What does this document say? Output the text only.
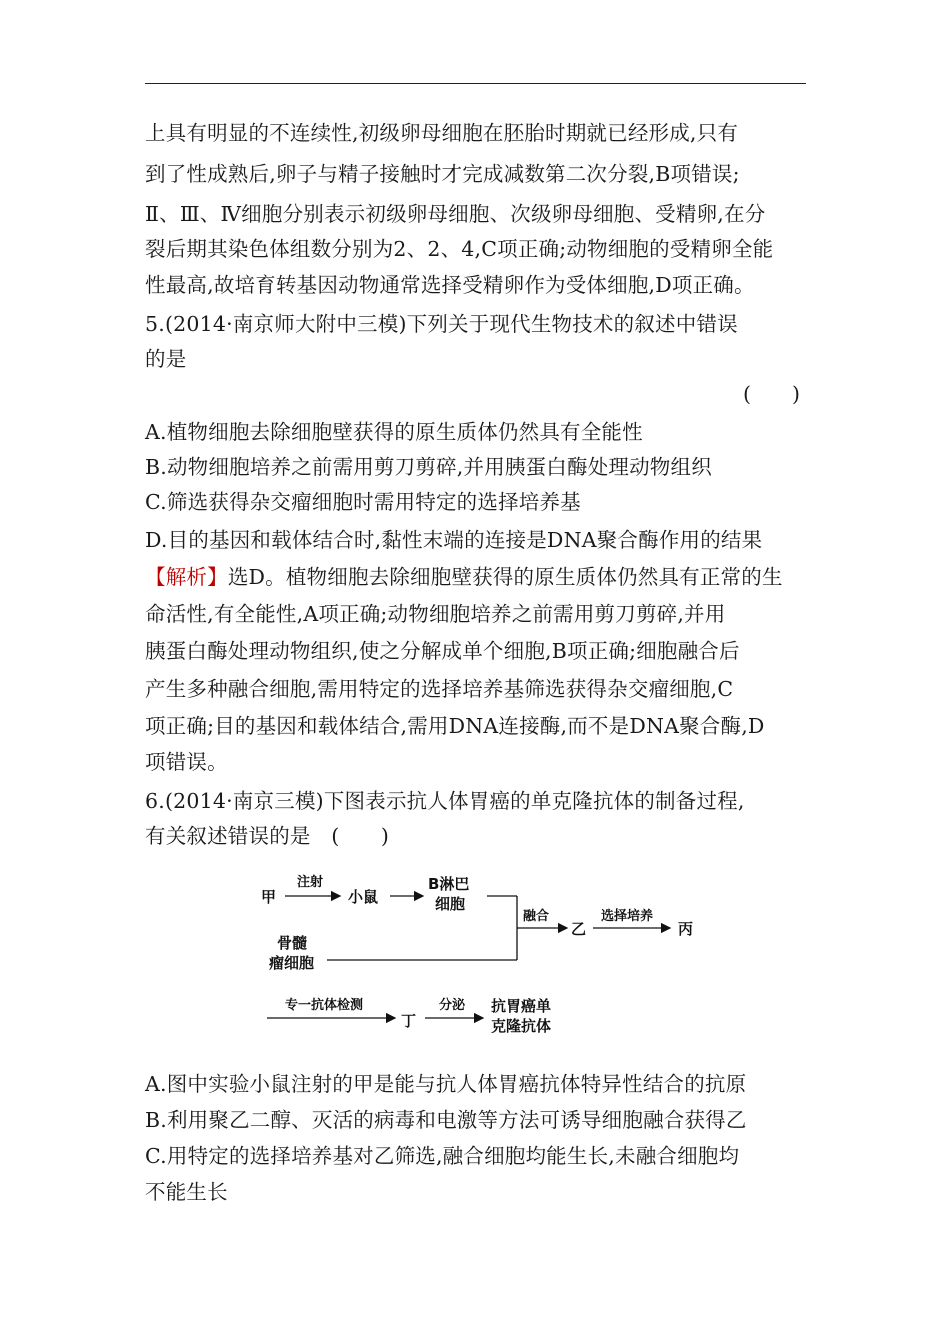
上具有明显的不连续性,初级卵母细胞在胚胎时期就已经形成,只有
到了性成熟后,卵子与精子接触时才完成减数第二次分裂,B项错误;
Ⅱ、Ⅲ、Ⅳ细胞分别表示初级卵母细胞、次级卵母细胞、受精卵,在分
裂后期其染色体组数分别为2、2、4,C项正确;动物细胞的受精卵全能
性最高,故培育转基因动物通常选择受精卵作为受体细胞,D项正确。
5.(2014·南京师大附中三模)下列关于现代生物技术的叙述中错误
的是
(　　)
A.植物细胞去除细胞壁获得的原生质体仍然具有全能性
B.动物细胞培养之前需用剪刀剪碎,并用胰蛋白酶处理动物组织
C.筛选获得杂交瘤细胞时需用特定的选择培养基
D.目的基因和载体结合时,黏性末端的连接是DNA聚合酶作用的结果
【解析】选D。植物细胞去除细胞壁获得的原生质体仍然具有正常的生
命活性,有全能性,A项正确;动物细胞培养之前需用剪刀剪碎,并用
胰蛋白酶处理动物组织,使之分解成单个细胞,B项正确;细胞融合后
产生多种融合细胞,需用特定的选择培养基筛选获得杂交瘤细胞,C
项正确;目的基因和载体结合,需用DNA连接酶,而不是DNA聚合酶,D
项错误。
6.(2014·南京三模)下图表示抗人体胃癌的单克隆抗体的制备过程,
有关叙述错误的是　(　　)
甲
注射
小鼠
B淋巴
细胞
骨髓
瘤细胞
融合
乙
选择培养
丙
专一抗体检测
丁
分泌 抗胃癌单
克隆抗体
A.图中实验小鼠注射的甲是能与抗人体胃癌抗体特异性结合的抗原
B.利用聚乙二醇、灭活的病毒和电激等方法可诱导细胞融合获得乙
C.用特定的选择培养基对乙筛选,融合细胞均能生长,未融合细胞均
不能生长
